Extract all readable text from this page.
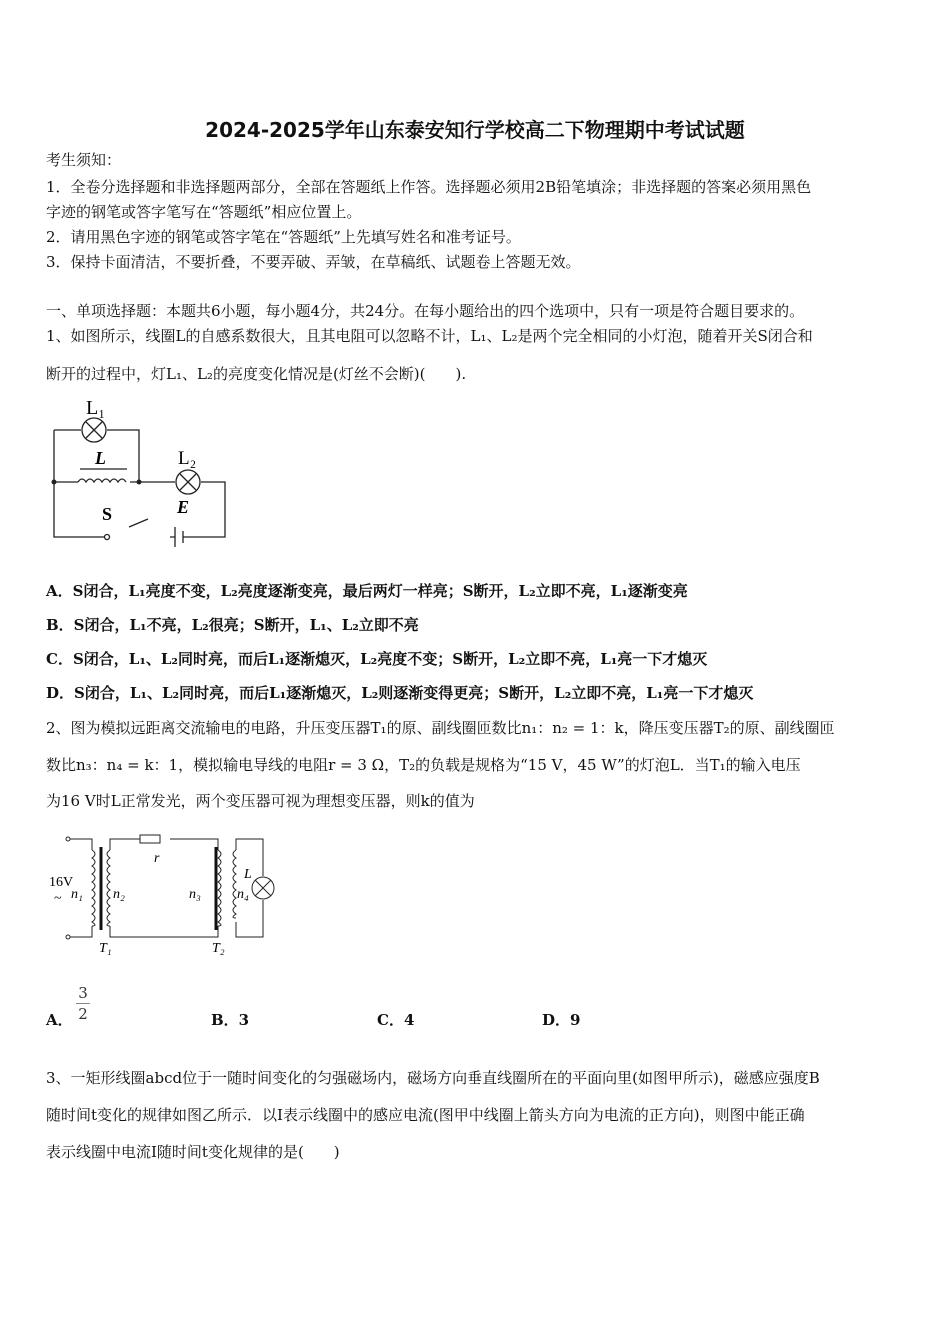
2024-2025学年山东泰安知行学校高二下物理期中考试试题
考生须知：
1．全卷分选择题和非选择题两部分，全部在答题纸上作答。选择题必须用2B铅笔填涂；非选择题的答案必须用黑色
字迹的钢笔或答字笔写在“答题纸”相应位置上。
2．请用黑色字迹的钢笔或答字笔在“答题纸”上先填写姓名和准考证号。
3．保持卡面清洁，不要折叠，不要弄破、弄皱，在草稿纸、试题卷上答题无效。
一、单项选择题：本题共6小题，每小题4分，共24分。在每小题给出的四个选项中，只有一项是符合题目要求的。
1、如图所示，线圈L的自感系数很大，且其电阻可以忽略不计，L₁、L₂是两个完全相同的小灯泡，随着开关S闭合和
断开的过程中，灯L₁、L₂的亮度变化情况是(灯丝不会断)(　　).
L₁
L	L₂
S	E
A．S闭合，L₁亮度不变，L₂亮度逐渐变亮，最后两灯一样亮；S断开，L₂立即不亮，L₁逐渐变亮
B．S闭合，L₁不亮，L₂很亮；S断开，L₁、L₂立即不亮
C．S闭合，L₁、L₂同时亮，而后L₁逐渐熄灭，L₂亮度不变；S断开，L₂立即不亮，L₁亮一下才熄灭
D．S闭合，L₁、L₂同时亮，而后L₁逐渐熄灭，L₂则逐渐变得更亮；S断开，L₂立即不亮，L₁亮一下才熄灭
2、图为模拟远距离交流输电的电路，升压变压器T₁的原、副线圈匝数比n₁：n₂ = 1：k，降压变压器T₂的原、副线圈匝
数比n₃：n₄ = k：1，模拟输电导线的电阻r = 3 Ω，T₂的负载是规格为“15 V，45 W”的灯泡L．当T₁的输入电压
为16 V时L正常发光，两个变压器可视为理想变压器，则k的值为
16V
~ n₁ n₂	n₃	n₄
r
L
T₁	T₂
A．
3
2	B．3	C．4	D．9
3、一矩形线圈abcd位于一随时间变化的匀强磁场内，磁场方向垂直线圈所在的平面向里(如图甲所示)，磁感应强度B
随时间t变化的规律如图乙所示．以I表示线圈中的感应电流(图甲中线圈上箭头方向为电流的正方向)，则图中能正确
表示线圈中电流I随时间t变化规律的是(　　)
